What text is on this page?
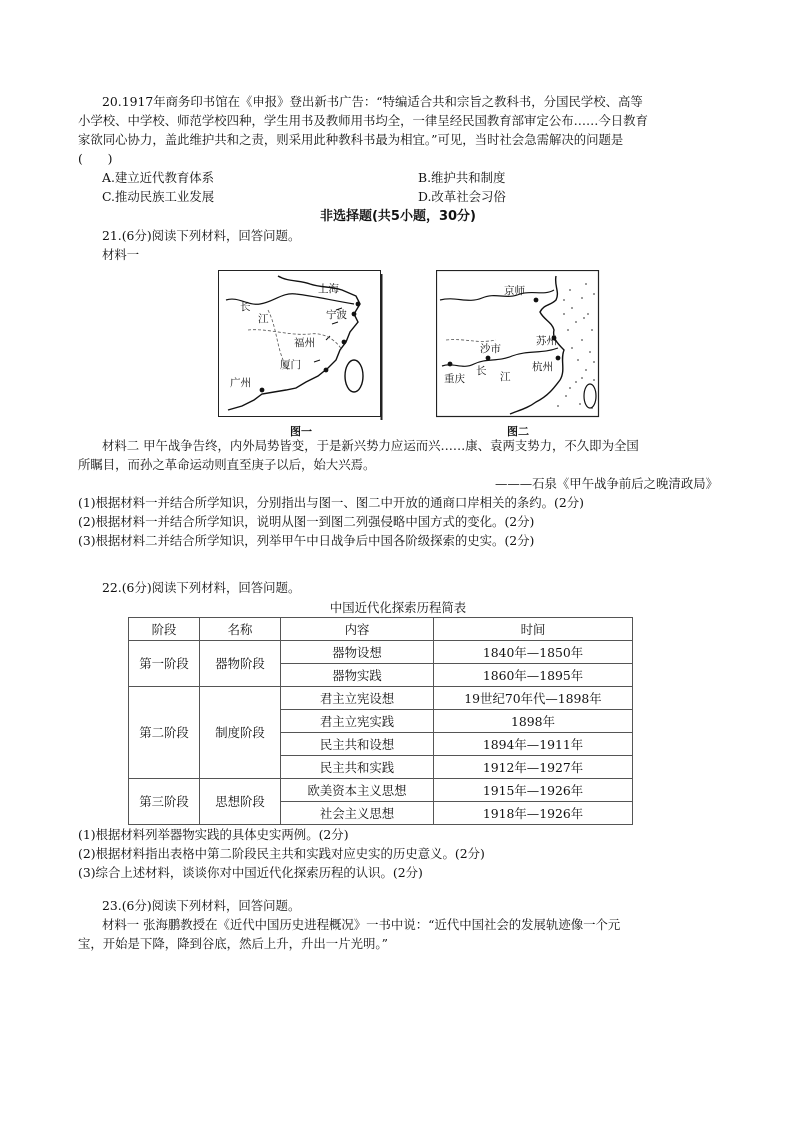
20.1917年商务印书馆在《申报》登出新书广告：“特编适合共和宗旨之教科书，分国民学校、高等

小学校、中学校、师范学校四种，学生用书及教师用书均全，一律呈经民国教育部审定公布……今日教育

家欲同心协力，盖此维护共和之责，则采用此种教科书最为相宜。”可见，当时社会急需解决的问题是

(　　)

A.建立近代教育体系	B.维护共和制度
C.推动民族工业发展	D.改革社会习俗

非选择题(共5小题，30分)

21.(6分)阅读下列材料，回答问题。

材料一

长
江
上海
宁波
福州
厦门
广州
图一
京师
苏州
沙市
长 江
杭州
重庆
图二

材料二 甲午战争告终，内外局势皆变，于是新兴势力应运而兴……康、袁两支势力，不久即为全国

所瞩目，而孙之革命运动则直至庚子以后，始大兴焉。

———石泉《甲午战争前后之晚清政局》

(1)根据材料一并结合所学知识，分别指出与图一、图二中开放的通商口岸相关的条约。(2分)

(2)根据材料一并结合所学知识，说明从图一到图二列强侵略中国方式的变化。(2分)

(3)根据材料二并结合所学知识，列举甲午中日战争后中国各阶级探索的史实。(2分)

22.(6分)阅读下列材料，回答问题。

中国近代化探索历程简表

阶段	名称	内容	时间
第一阶段	器物阶段	器物设想	1840年—1850年
		器物实践	1860年—1895年
第二阶段	制度阶段	君主立宪设想	19世纪70年代—1898年
		君主立宪实践	1898年
		民主共和设想	1894年—1911年
		民主共和实践	1912年—1927年
第三阶段	思想阶段	欧美资本主义思想	1915年—1926年
		社会主义思想	1918年—1926年

(1)根据材料列举器物实践的具体史实两例。(2分)

(2)根据材料指出表格中第二阶段民主共和实践对应史实的历史意义。(2分)

(3)综合上述材料，谈谈你对中国近代化探索历程的认识。(2分)

23.(6分)阅读下列材料，回答问题。

材料一 张海鹏教授在《近代中国历史进程概况》一书中说：“近代中国社会的发展轨迹像一个元

宝，开始是下降，降到谷底，然后上升，升出一片光明。”
